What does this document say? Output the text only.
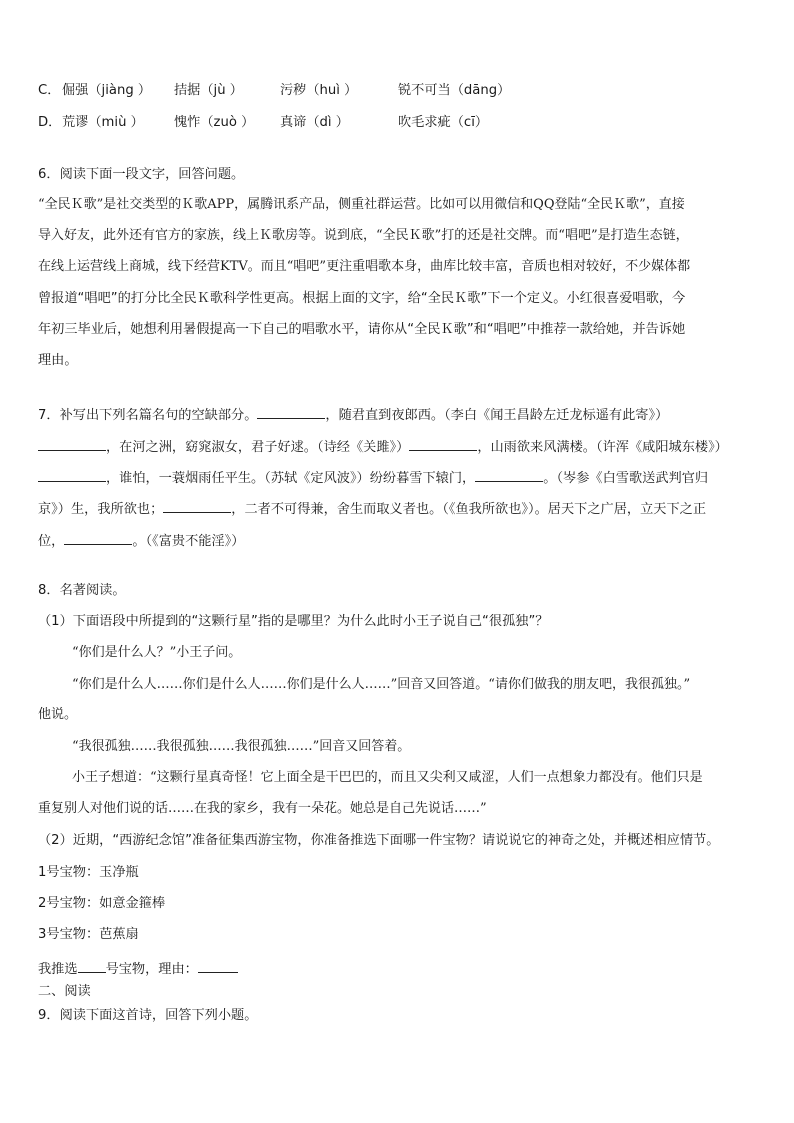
C． 倔强（jiàng ） 拮据（jù ）	污秽（huì ）	锐不可当（dāng）
D． 荒谬（miù ） 愧怍（zuò ） 真谛（dì ）	吹毛求疵（cī）
6．阅读下面一段文字，回答问题。
“全民Ｋ歌”是社交类型的Ｋ歌APP，属腾讯系产品，侧重社群运营。比如可以用微信和QQ登陆“全民Ｋ歌”，直接
导入好友，此外还有官方的家族，线上Ｋ歌房等。说到底，“全民Ｋ歌”打的还是社交牌。而“唱吧”是打造生态链，
在线上运营线上商城，线下经营KTV。而且“唱吧”更注重唱歌本身，曲库比较丰富，音质也相对较好，不少媒体都
曾报道“唱吧”的打分比全民Ｋ歌科学性更高。根据上面的文字，给“全民Ｋ歌”下一个定义。小红很喜爱唱歌，今
年初三毕业后，她想利用暑假提高一下自己的唱歌水平，请你从“全民Ｋ歌”和“唱吧”中推荐一款给她，并告诉她
理由。
7．补写出下列名篇名句的空缺部分。	，随君直到夜郎西。（李白《闻王昌龄左迁龙标遥有此寄》）
，在河之洲，窈窕淑女，君子好逑。（诗经《关雎》）	，山雨欲来风满楼。（许浑《咸阳城东楼》）
，谁怕，一蓑烟雨任平生。（苏轼《定风波》）纷纷暮雪下辕门，	。（岑参《白雪歌送武判官归
京》）生，我所欲也；	，二者不可得兼，舍生而取义者也。（《鱼我所欲也》）。居天下之广居，立天下之正
位，	。（《富贵不能淫》）
8．名著阅读。
（1）下面语段中所提到的“这颗行星”指的是哪里？为什么此时小王子说自己“很孤独”？
“你们是什么人？”小王子问。
“你们是什么人……你们是什么人……你们是什么人……”回音又回答道。“请你们做我的朋友吧，我很孤独。”
他说。
“我很孤独……我很孤独……我很孤独……”回音又回答着。
小王子想道：“这颗行星真奇怪！它上面全是干巴巴的，而且又尖利又咸涩，人们一点想象力都没有。他们只是
重复别人对他们说的话……在我的家乡，我有一朵花。她总是自己先说话……”
（2）近期，“西游纪念馆”准备征集西游宝物，你准备推选下面哪一件宝物？请说说它的神奇之处，并概述相应情节。
1号宝物：玉净瓶
2号宝物：如意金箍棒
3号宝物：芭蕉扇
我推选 号宝物，理由：
二、阅读
9．阅读下面这首诗，回答下列小题。
